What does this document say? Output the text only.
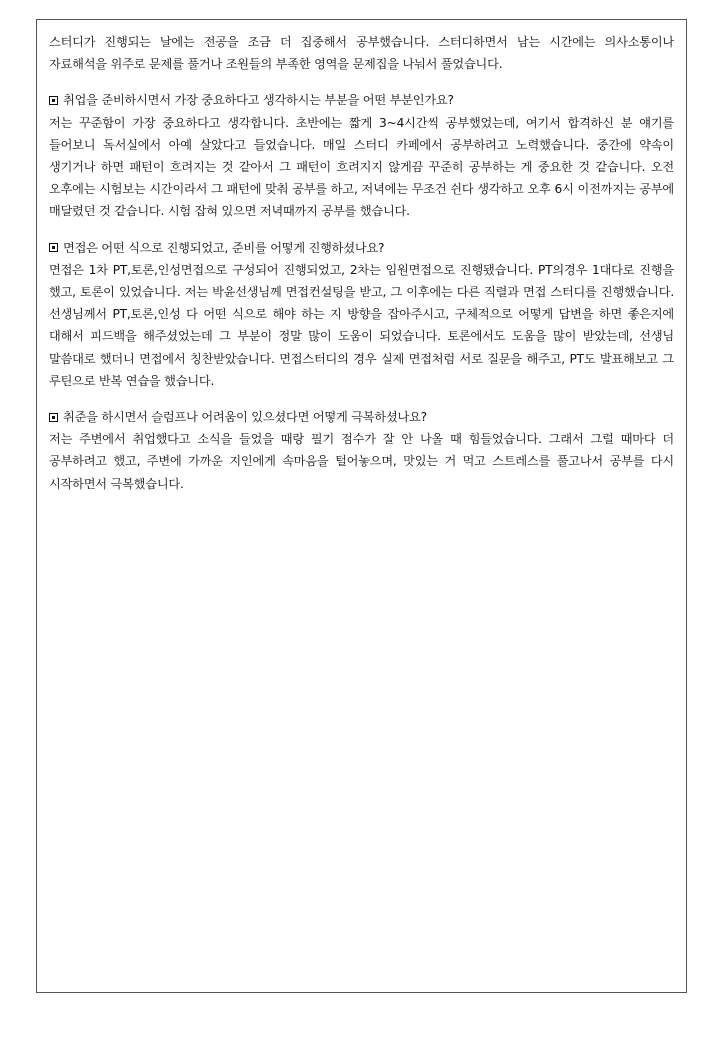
스터디가 진행되는 날에는 전공을 조금 더 집중해서 공부했습니다. 스터디하면서 남는 시간에는 의사소통이나 자료해석을 위주로 문제를 풀거나 조원들의 부족한 영역을 문제집을 나눠서 풀었습니다.

취업을 준비하시면서 가장 중요하다고 생각하시는 부분을 어떤 부분인가요?

저는 꾸준함이 가장 중요하다고 생각합니다. 초반에는 짧게 3~4시간씩 공부했었는데, 여기서 합격하신 분 얘기를 들어보니 독서실에서 아예 살았다고 들었습니다. 매일 스터디 카페에서 공부하려고 노력했습니다. 중간에 약속이 생기거나 하면 패턴이 흐려지는 것 같아서 그 패턴이 흐려지지 않게끔 꾸준히 공부하는 게 중요한 것 같습니다. 오전 오후에는 시험보는 시간이라서 그 패턴에 맞춰 공부를 하고, 저녁에는 무조건 쉰다 생각하고 오후 6시 이전까지는 공부에 매달렸던 것 같습니다. 시험 잡혀 있으면 저녁때까지 공부를 했습니다.

면접은 어떤 식으로 진행되었고, 준비를 어떻게 진행하셨나요?

면접은 1차 PT,토론,인성면접으로 구성되어 진행되었고, 2차는 임원면접으로 진행됐습니다. PT의경우 1대다로 진행을 했고, 토론이 있었습니다. 저는 박윤선생님께 면접컨설팅을 받고, 그 이후에는 다른 직렬과 면접 스터디를 진행했습니다. 선생님께서 PT,토론,인성 다 어떤 식으로 해야 하는 지 방향을 잡아주시고, 구체적으로 어떻게 답변을 하면 좋은지에 대해서 피드백을 해주셨었는데 그 부분이 정말 많이 도움이 되었습니다. 토론에서도 도움을 많이 받았는데, 선생님 말씀대로 했더니 면접에서 칭찬받았습니다. 면접스터디의 경우 실제 면접처럼 서로 질문을 해주고, PT도 발표해보고 그 루틴으로 반복 연습을 했습니다.

취준을 하시면서 슬럼프나 어려움이 있으셨다면 어떻게 극복하셨나요?

저는 주변에서 취업했다고 소식을 들었을 때랑 필기 점수가 잘 안 나올 때 힘들었습니다. 그래서 그럴 때마다 더 공부하려고 했고, 주변에 가까운 지인에게 속마음을 털어놓으며, 맛있는 거 먹고 스트레스를 풀고나서 공부를 다시 시작하면서 극복했습니다.
